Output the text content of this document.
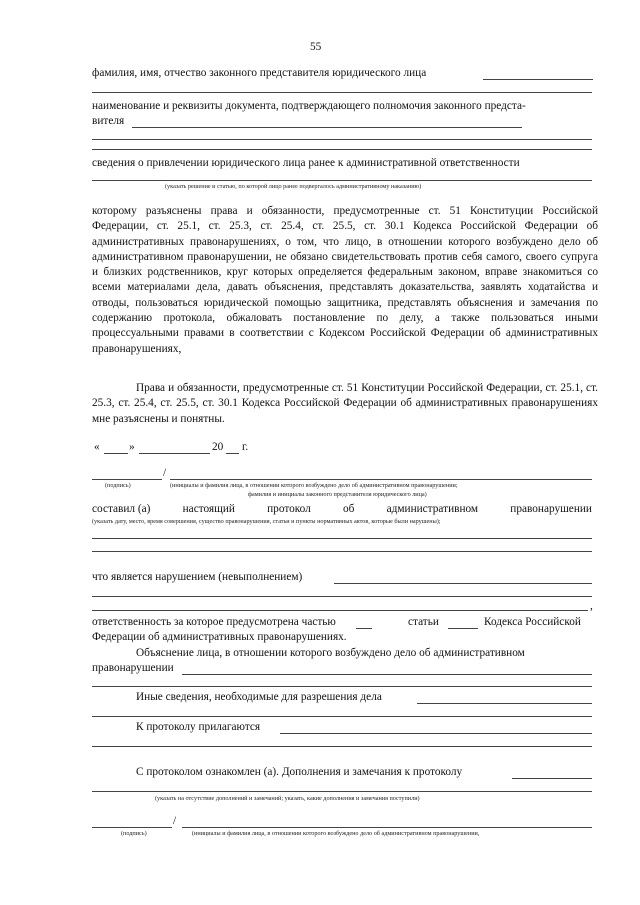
55
фамилия, имя, отчество законного представителя юридического лица
наименование и реквизиты документа, подтверждающего полномочия законного предста-
вителя
сведения о привлечении юридического лица ранее к административной ответственности
(указать решение и статью, по которой лицо ранее подвергалось административному наказанию)
которому разъяснены права и обязанности, предусмотренные ст. 51 Конституции Российской Федерации, ст. 25.1, ст. 25.3, ст. 25.4, ст. 25.5, ст. 30.1 Кодекса Российской Федерации об административных правонарушениях, о том, что лицо, в отношении которого возбуждено дело об административном правонарушении, не обязано свидетельствовать против себя самого, своего супруга и близких родственников, круг которых определяется федеральным законом, вправе знакомиться со всеми материалами дела, давать объяснения, представлять доказательства, заявлять ходатайства и отводы, пользоваться юридической помощью защитника, представлять объяснения и замечания по содержанию протокола, обжаловать постановление по делу, а также пользоваться иными процессуальными правами в соответствии с Кодексом Российской Федерации об административных правонарушениях,
Права и обязанности, предусмотренные ст. 51 Конституции Российской Федерации, ст. 25.1, ст. 25.3, ст. 25.4, ст. 25.5, ст. 30.1 Кодекса Российской Федерации об административных правонарушениях мне разъяснены и понятны.
«	»	20 г.
/
(подпись)	(инициалы и фамилия лица, в отношении которого возбуждено дело об административном правонарушении;
фамилия и инициалы законного представителя юридического лица)
составил (а)	настоящий	протокол	об	административном	правонарушении
(указать дату, место, время совершения, существо правонарушения, статьи и пункты нормативных актов, которые были нарушены);
что является нарушением (невыполнением)
,
ответственность за которое предусмотрена частью	статьи	Кодекса Российской
Федерации об административных правонарушениях.
Объяснение лица, в отношении которого возбуждено дело об административном
правонарушении
Иные сведения, необходимые для разрешения дела
К протоколу прилагаются
С протоколом ознакомлен (а). Дополнения и замечания к протоколу
(указать на отсутствие дополнений и замечаний; указать, какие дополнения и замечания поступили)
/
(подпись)	(инициалы и фамилия лица, в отношении которого возбуждено дело об административном правонарушении,
